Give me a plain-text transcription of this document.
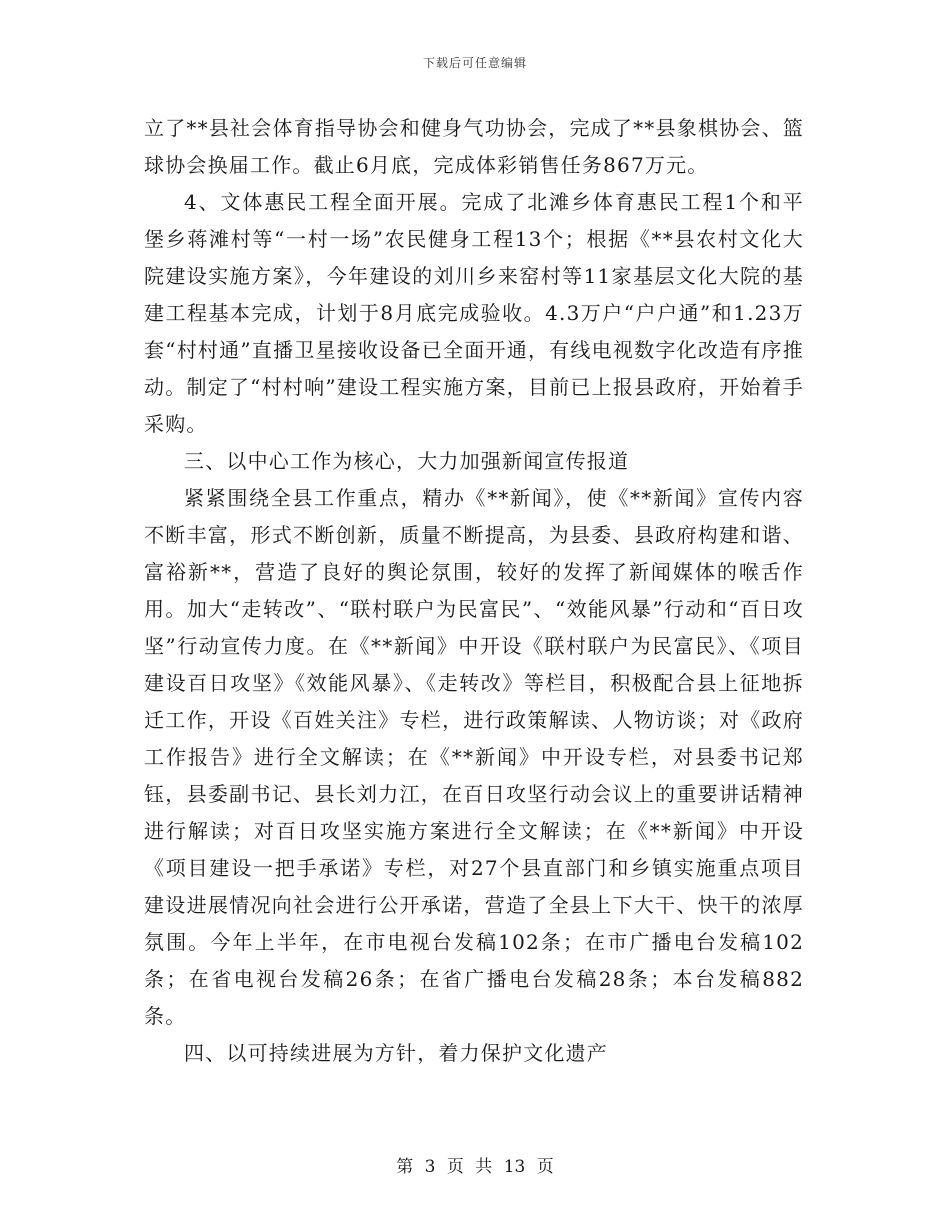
下载后可任意编辑

立了**县社会体育指导协会和健身气功协会，完成了**县象棋协会、篮球协会换届工作。截止6月底，完成体彩销售任务867万元。

4、文体惠民工程全面开展。完成了北滩乡体育惠民工程1个和平堡乡蒋滩村等“一村一场”农民健身工程13个；根据《**县农村文化大院建设实施方案》，今年建设的刘川乡来窑村等11家基层文化大院的基建工程基本完成，计划于8月底完成验收。4.3万户“户户通”和1.23万套“村村通”直播卫星接收设备已全面开通，有线电视数字化改造有序推动。制定了“村村响”建设工程实施方案，目前已上报县政府，开始着手采购。

三、以中心工作为核心，大力加强新闻宣传报道

紧紧围绕全县工作重点，精办《**新闻》，使《**新闻》宣传内容不断丰富，形式不断创新，质量不断提高，为县委、县政府构建和谐、富裕新**，营造了良好的舆论氛围，较好的发挥了新闻媒体的喉舌作用。加大“走转改”、“联村联户为民富民”、“效能风暴”行动和“百日攻坚”行动宣传力度。在《**新闻》中开设《联村联户为民富民》、《项目建设百日攻坚》《效能风暴》、《走转改》等栏目，积极配合县上征地拆迁工作，开设《百姓关注》专栏，进行政策解读、人物访谈；对《政府工作报告》进行全文解读；在《**新闻》中开设专栏，对县委书记郑钰，县委副书记、县长刘力江，在百日攻坚行动会议上的重要讲话精神进行解读；对百日攻坚实施方案进行全文解读；在《**新闻》中开设《项目建设一把手承诺》专栏，对27个县直部门和乡镇实施重点项目建设进展情况向社会进行公开承诺，营造了全县上下大干、快干的浓厚氛围。今年上半年，在市电视台发稿102条；在市广播电台发稿102条；在省电视台发稿26条；在省广播电台发稿28条；本台发稿882条。

四、以可持续进展为方针，着力保护文化遗产

第 3 页 共 13 页
